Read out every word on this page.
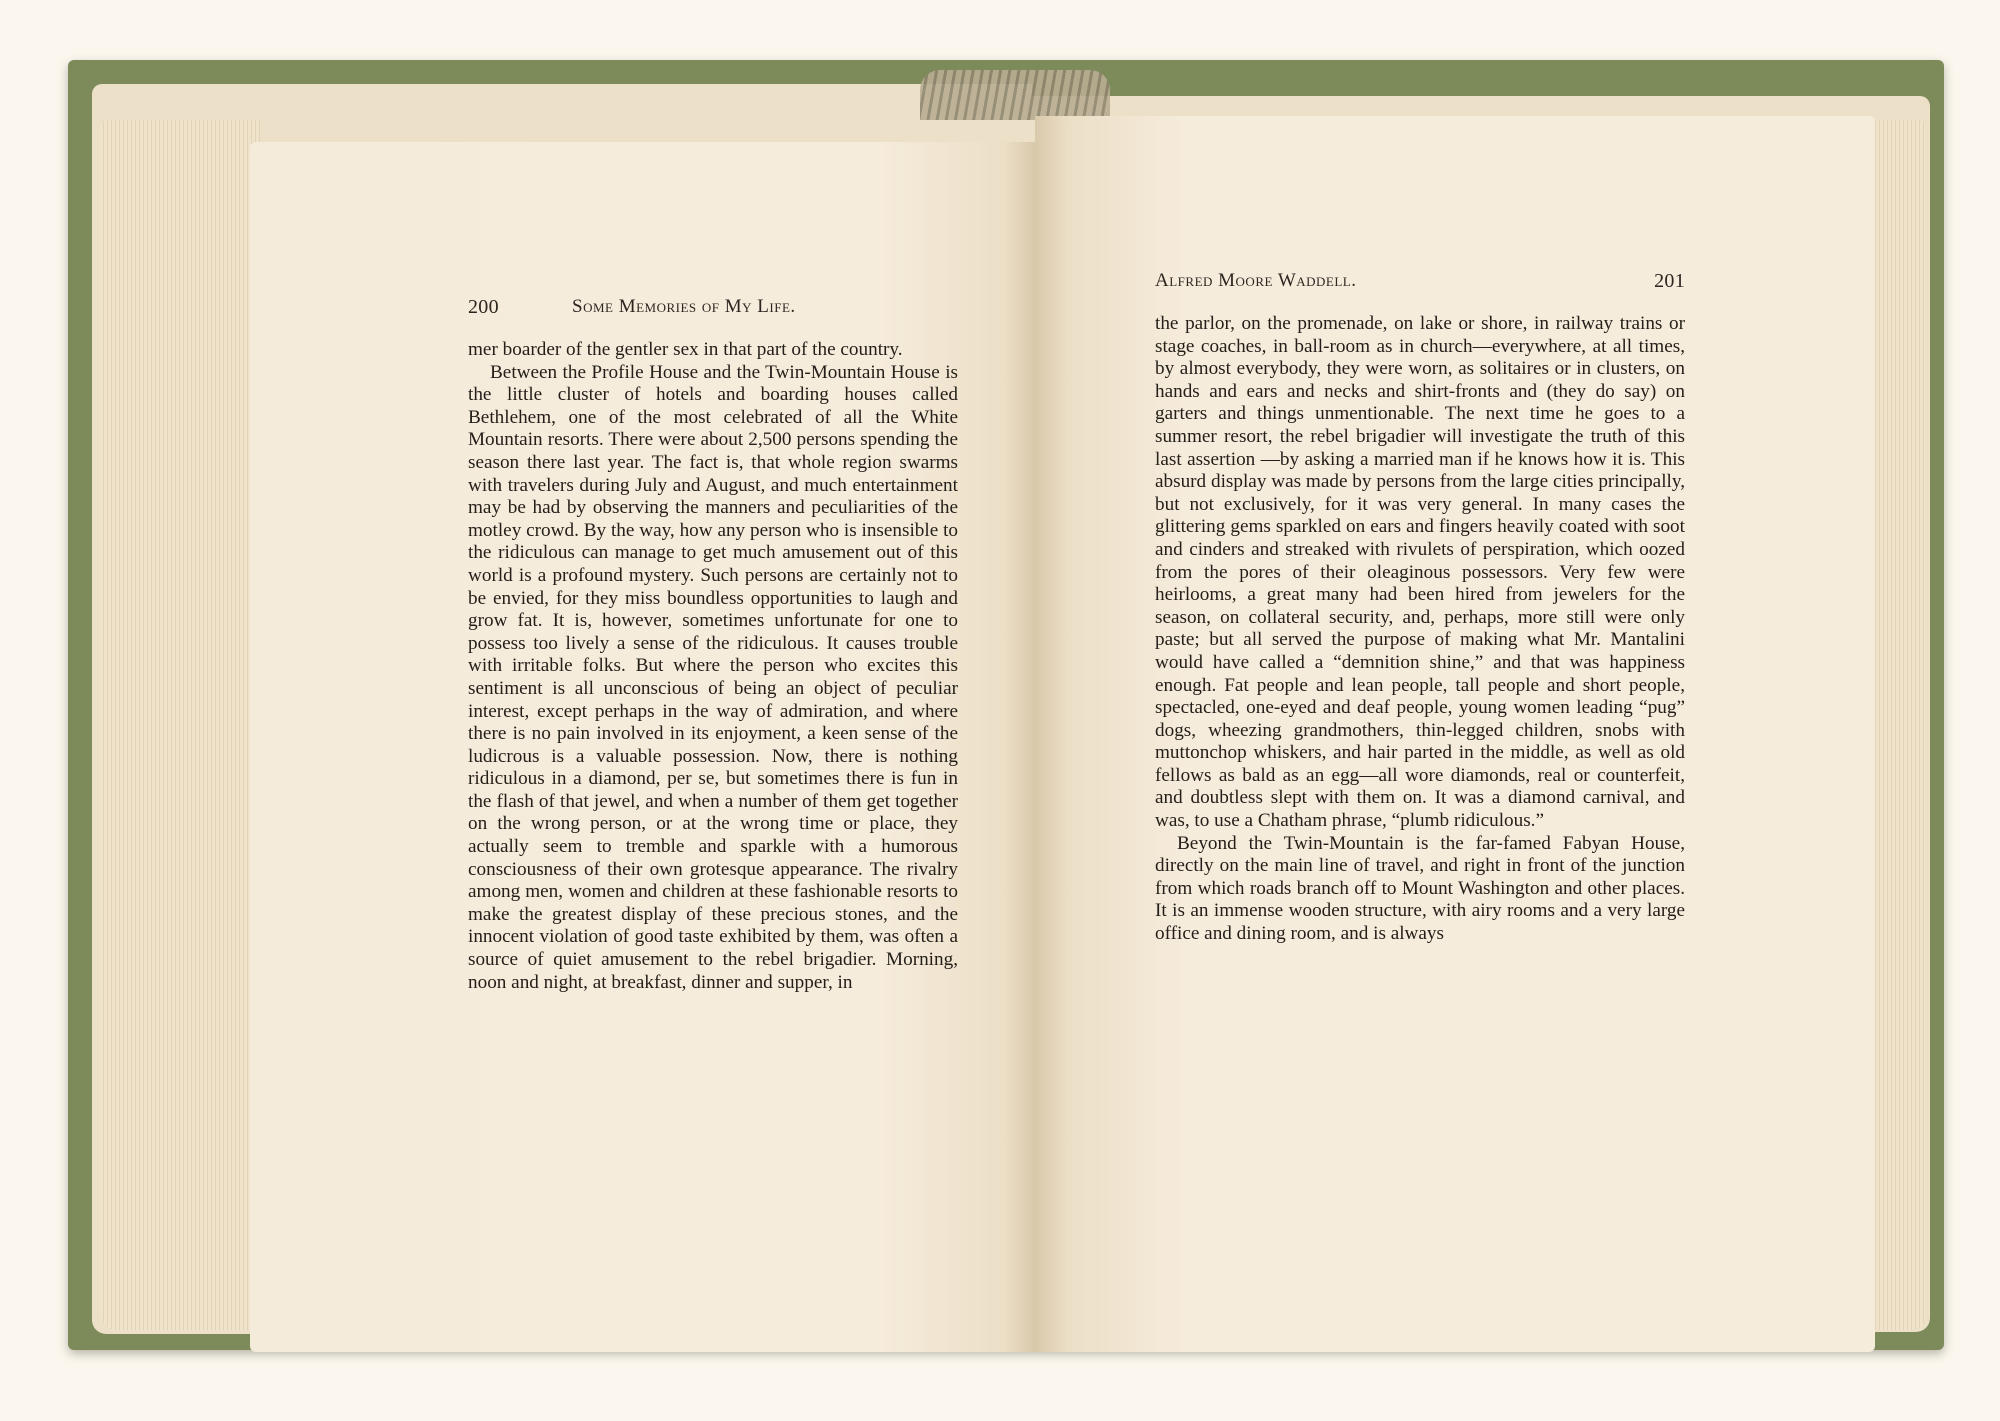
200	Some Memories of My Life.

mer boarder of the gentler sex in that part of the country.

Between the Profile House and the Twin-Mountain House is the little cluster of hotels and boarding houses called Bethlehem, one of the most celebrated of all the White Mountain resorts. There were about 2,500 persons spending the season there last year. The fact is, that whole region swarms with travelers during July and August, and much entertainment may be had by observing the manners and peculiarities of the motley crowd. By the way, how any person who is insensible to the ridiculous can manage to get much amusement out of this world is a profound mystery. Such persons are certainly not to be envied, for they miss boundless opportunities to laugh and grow fat. It is, however, sometimes unfortunate for one to possess too lively a sense of the ridiculous. It causes trouble with irritable folks. But where the person who excites this sentiment is all unconscious of being an object of peculiar interest, except perhaps in the way of admiration, and where there is no pain involved in its enjoyment, a keen sense of the ludicrous is a valuable possession. Now, there is nothing ridiculous in a diamond, per se, but sometimes there is fun in the flash of that jewel, and when a number of them get together on the wrong person, or at the wrong time or place, they actually seem to tremble and sparkle with a humorous consciousness of their own grotesque appearance. The rivalry among men, women and children at these fashionable resorts to make the greatest display of these precious stones, and the innocent violation of good taste exhibited by them, was often a source of quiet amusement to the rebel brigadier. Morning, noon and night, at breakfast, dinner and supper, in

Alfred Moore Waddell.	201

the parlor, on the promenade, on lake or shore, in railway trains or stage coaches, in ball-room as in church—everywhere, at all times, by almost everybody, they were worn, as solitaires or in clusters, on hands and ears and necks and shirt-fronts and (they do say) on garters and things unmentionable. The next time he goes to a summer resort, the rebel brigadier will investigate the truth of this last assertion —by asking a married man if he knows how it is. This absurd display was made by persons from the large cities principally, but not exclusively, for it was very general. In many cases the glittering gems sparkled on ears and fingers heavily coated with soot and cinders and streaked with rivulets of perspiration, which oozed from the pores of their oleaginous possessors. Very few were heirlooms, a great many had been hired from jewelers for the season, on collateral security, and, perhaps, more still were only paste; but all served the purpose of making what Mr. Mantalini would have called a “demnition shine,” and that was happiness enough. Fat people and lean people, tall people and short people, spectacled, one-eyed and deaf people, young women leading “pug” dogs, wheezing grandmothers, thin-legged children, snobs with muttonchop whiskers, and hair parted in the middle, as well as old fellows as bald as an egg—all wore diamonds, real or counterfeit, and doubtless slept with them on. It was a diamond carnival, and was, to use a Chatham phrase, “plumb ridiculous.”

Beyond the Twin-Mountain is the far-famed Fabyan House, directly on the main line of travel, and right in front of the junction from which roads branch off to Mount Washington and other places. It is an immense wooden structure, with airy rooms and a very large office and dining room, and is always
